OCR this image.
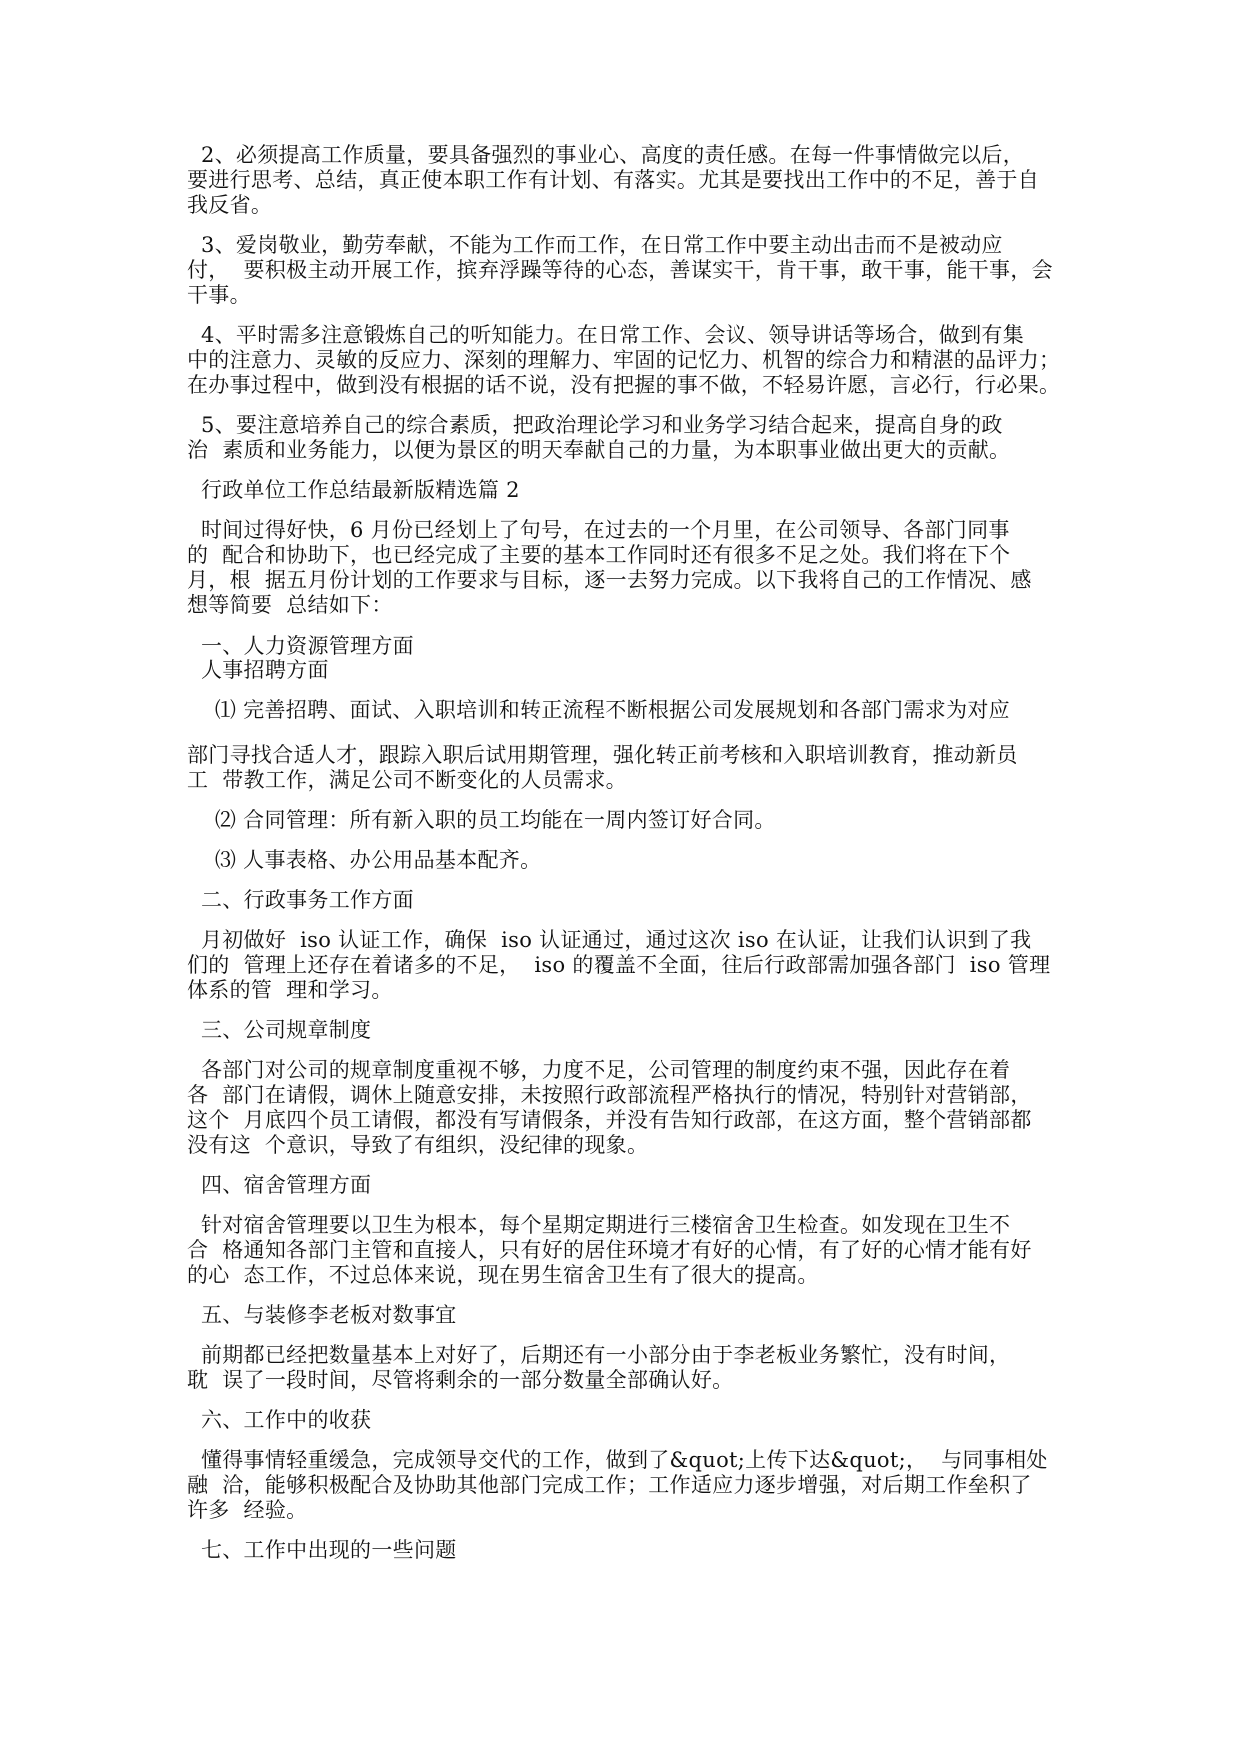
2、必须提高工作质量，要具备强烈的事业心、高度的责任感。在每一件事情做完以后，
要进行思考、总结，真正使本职工作有计划、有落实。尤其是要找出工作中的不足，善于自
我反省。
3、爱岗敬业，勤劳奉献，不能为工作而工作，在日常工作中要主动出击而不是被动应
付，  要积极主动开展工作，摈弃浮躁等待的心态，善谋实干，肯干事，敢干事，能干事，会
干事。
4、平时需多注意锻炼自己的听知能力。在日常工作、会议、领导讲话等场合，做到有集
中的注意力、灵敏的反应力、深刻的理解力、牢固的记忆力、机智的综合力和精湛的品评力；
在办事过程中，做到没有根据的话不说，没有把握的事不做，不轻易许愿，言必行，行必果。
5、要注意培养自己的综合素质，把政治理论学习和业务学习结合起来，提高自身的政
治  素质和业务能力，以便为景区的明天奉献自己的力量，为本职事业做出更大的贡献。
行政单位工作总结最新版精选篇 2
时间过得好快，6 月份已经划上了句号，在过去的一个月里，在公司领导、各部门同事
的  配合和协助下，也已经完成了主要的基本工作同时还有很多不足之处。我们将在下个
月，根  据五月份计划的工作要求与目标，逐一去努力完成。以下我将自己的工作情况、感
想等简要  总结如下：
一、人力资源管理方面
人事招聘方面
⑴ 完善招聘、面试、入职培训和转正流程不断根据公司发展规划和各部门需求为对应
部门寻找合适人才，跟踪入职后试用期管理，强化转正前考核和入职培训教育，推动新员
工  带教工作，满足公司不断变化的人员需求。
⑵ 合同管理：所有新入职的员工均能在一周内签订好合同。
⑶ 人事表格、办公用品基本配齐。
二、行政事务工作方面
月初做好  iso 认证工作，确保  iso 认证通过，通过这次 iso 在认证，让我们认识到了我
们的  管理上还存在着诸多的不足，  iso 的覆盖不全面，往后行政部需加强各部门  iso 管理
体系的管  理和学习。
三、公司规章制度
各部门对公司的规章制度重视不够，力度不足，公司管理的制度约束不强，因此存在着
各  部门在请假，调休上随意安排，未按照行政部流程严格执行的情况，特别针对营销部，
这个  月底四个员工请假，都没有写请假条，并没有告知行政部，在这方面，整个营销部都
没有这  个意识，导致了有组织，没纪律的现象。
四、宿舍管理方面
针对宿舍管理要以卫生为根本，每个星期定期进行三楼宿舍卫生检查。如发现在卫生不
合  格通知各部门主管和直接人，只有好的居住环境才有好的心情，有了好的心情才能有好
的心  态工作，不过总体来说，现在男生宿舍卫生有了很大的提高。
五、与装修李老板对数事宜
前期都已经把数量基本上对好了，后期还有一小部分由于李老板业务繁忙，没有时间，
耽  误了一段时间，尽管将剩余的一部分数量全部确认好。
六、工作中的收获
懂得事情轻重缓急，完成领导交代的工作，做到了&quot;上传下达&quot;，  与同事相处
融  洽，能够积极配合及协助其他部门完成工作；工作适应力逐步增强，对后期工作垒积了
许多  经验。
七、工作中出现的一些问题
